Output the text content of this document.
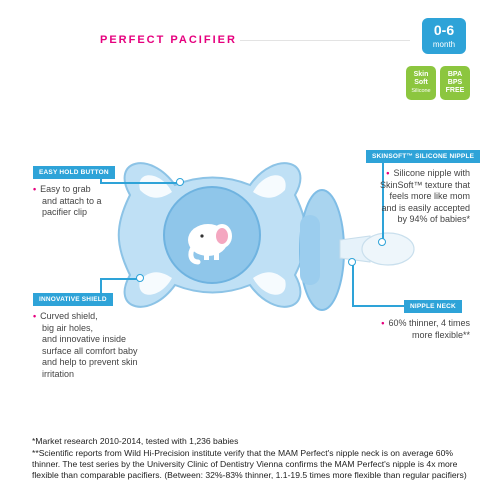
PERFECT PACIFIER
0-6
month
Skin
Soft
Silicone
BPA
BPS
FREE
EASY HOLD BUTTON
• Easy to grab
and attach to a
pacifier clip
INNOVATIVE SHIELD
• Curved shield,
big air holes,
and innovative inside
surface all comfort baby
and help to prevent skin
irritation
SKINSOFT™ SILICONE NIPPLE
• Silicone nipple with
SkinSoft™ texture that
feels more like mom
and is easily accepted
by 94% of babies*
NIPPLE NECK
• 60% thinner, 4 times
more flexible**

*Market research 2010-2014, tested with 1,236 babies

**Scientific reports from Wild Hi-Precision institute verify that the MAM Perfect's nipple neck is on average 60% thinner. The test series by the University Clinic of Dentistry Vienna confirms the MAM Perfect's nipple is 4x more flexible than comparable pacifiers. (Between: 32%-83% thinner, 1.1-19.5 times more flexible than regular pacifiers)
